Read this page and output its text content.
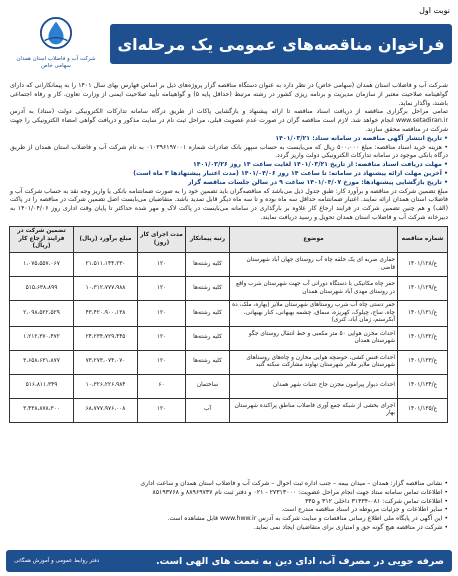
نوبت اول
فراخوان مناقصه‌های عمومی یک مرحله‌ای
شرکت آب و فاضلاب استان همدان
سهامی خاص

شـرکت آب و فاضلاب استان همدان (سهامی خاص) در نظر دارد به عنوان دستگاه مناقصه گزار پروژه‌های ذیل بر اساس فهارس بهای سال ۱۴۰۱ را به پیمانکارانی که دارای گواهینامه صلاحیت معتبر از سازمان مدیریت و برنامه ریزی کشور در رشته مرتبط (حداقل پایه ۵) و گواهینامه تأیید صلاحیت ایمنی از وزارت تعاون، کار و رفاه اجتماعی باشند، واگذار نماید.

تمامی مراحل برگزاری مناقصه از دریافت اسناد مناقصه تا ارائه پیشنهاد و بازگشایی پاکات از طریق درگاه سامانه تدارکات الکترونیکی دولت (ستاد) به آدرس www.setadiran.ir انجام خواهد شد. لازم است مناقصه گران در صورت عدم عضویت قبلی، مراحل ثبت نام در سایت مذکور و دریافت گواهی امضاء الکترونیکی را جهت شرکت در مناقصه محقق سازند.

• تاریخ انتشار آگهی مناقصه در سامانه ستاد: ۱۴۰۱/۰۳/۲۱

• هزینه خرید اسناد مناقصه: مبلغ ۵۰۰،۰۰۰ ریال که می‌بایست به حساب سپهر بانک صادرات شماره ۰۱۰۳۹۶۱۹۷۰۰۱ به نام شرکت آب و فاضلاب استان همدان از طریق درگاه بانکی موجود در سامانه تدارکات الکترونیکی دولت واریز گردد.

• مهلت دریافت اسناد مناقصه: از تاریخ ۱۴۰۱/۰۳/۲۱ لغایت ساعت ۱۴ روز ۱۴۰۱/۰۳/۲۶

• آخرین مهلت ارائه پیشنهاد در سامانه: تا ساعت ۱۴ روز ۱۴۰۱/۰۴/۰۶ (مدت اعتبار پیشنهادها ۳ ماه است)

• تاریخ بازگشایی پیشنهادها: مورخ ۱۴۰۱/۰۴/۰۷ ساعت ۹ در سالن جلسات مناقصه گزار

مبلغ تضمین شرکت در مناقصه و برآورد کار: طبق جدول ذیل می‌باشد که مناقصه‌گران باید تضمین خود را به صورت ضمانتنامه بانکی یا واریز وجه نقد به حساب شرکت آب و فاضلاب استان همدان ارائه نمایند. اعتبار ضمانتنامه حداقل سه ماه بوده و تا سه ماه دیگر قابل تمدید باشد. متقاضیان می‌بایست اصل تضمین شرکت در مناقصه را در پاکت (الف) و هم چنین تضمین شرکت در فرایند ارجاع کار علاوه بر بارگذاری در سامانه می‌بایست در پاکت لاک و مهر شده حداکثر تا پایان وقت اداری روز ۱۴۰۱/۰۴/۰۶ به دبیرخانه شرکت آب و فاضلاب استان همدان تحویل و رسید دریافت نمایند.

شماره مناقصه	موضوع	رتبه پیمانکار	مدت اجرای کار (روز)	مبلغ برآورد (ریال)	تضمین شرکت در فرایند ارجاع کار (ریال)
ع/۱۴۰۱/۱۲۸	حفاری ضربه ای یک حلقه چاه آب روستای جهان آباد شهرستان قاضی	کلیه رشته‌ها	۱۲۰	۲۱،۵۱۱،۱۴۴،۲۳۰	۱،۰۷۵،۵۵۷،۰۶۷
ع/۱۴۰۱/۱۲۹	حفر چاه مکانیکی با دستگاه دورانی آب جهت شهرستان شرب واقع در روستای مهدی آباد شهرستان همدان	کلیه رشته‌ها	۱۲۰	۱۰،۳۱۲،۷۷۷،۹۸۸	۵۱۵،۶۳۸،۸۹۹
ع/۱۴۰۱/۱۳۱	حفر دستی چاه آب شرب روستاهای شهرستان ملایر (بهاره، ملک، ده چاه، ساج، چیلوک، کهریزه، سماق، چشمه بهبهانی، کنار بهبهانی، آبکرستم، زمان آباد، کنری)	کلیه رشته‌ها	۱۲۰	۴۳،۴۲۰،۹۰۰،۱۳۸	۲،۰۹۸،۵۲۲،۵۲۹
ع/۱۴۰۱/۱۳۲	احداث مخزن هوایی ۵۰ متر مکعبی و خط انتقال روستای جگو شهرستان همدان	کلیه رشته‌ها	۱۲۰	۲۴،۲۳۴،۷۲۹،۴۴۵	۱،۲۱۲،۳۷۰،۴۷۲
ع/۱۴۰۱/۱۳۳	احداث فنس کشی، حوضچه هوایی مخازن و چاه‌های روستاهای شهرستان ملایر ملایر شهرستان نهاوند مشارکت سکنه گنبد	کلیه رشته‌ها	۱۲۰	۷۳،۲۷۳،۰۷۴،۰۷۰	۳،۶۵۸،۶۳۱،۸۷۷
ع/۱۴۰۱/۱۳۴	احداث دیوار پیرامون مخزن جاح عتبات شهر همدان	ساختمان	۶۰	۱۰،۳۲۶،۲۲۶،۹۸۴	۵۱۶،۸۱۱،۳۴۹
ع/۱۴۰۱/۱۳۵	اجرای بخشی از شبکه جمع آوری فاضلاب مناطق پراکنده شهرستان بهار	آب	۱۲۰	۶۸،۷۷۷،۹۷۶،۰۰۸	۳،۴۳۸،۸۷۸،۳۰۰

• نشانی مناقصه گزار: همدان – میدان بیمه – جنب اداره ثبت احوال – شرکت آب و فاضلاب استان همدان و ساعت اداری

• اطلاعات تماس سامانه ستاد جهت انجام مراحل عضویت: ۲۷۳۱۳۰۰۰ - ۰۲۱ و دفتر ثبت نام ۸۸۹۶۹۷۳۷ و ۸۵۱۹۳۷۶۸

• اطلاعات تماس شرکت: ۰۸۱-۳۱۴۳۴ داخلی ۳۱۲ و ۳۴۵

• سایر اطلاعات و جزئیات مربوطه در اسناد مناقصه مندرج است.

• این آگهی در پایگاه ملی اطلاع رسانی مناقصات و سایت شرکت به آدرس www.hww.ir قابل مشاهده است.

• شرکت در مناقصه هیچ گونه حق و امتیازی برای متقاضیان ایجاد نمی نماید.

صرفه جویی در مصرف آب، ادای دین به نعمت های الهی است.
دفتر روابط عمومی و آموزش همگانی
